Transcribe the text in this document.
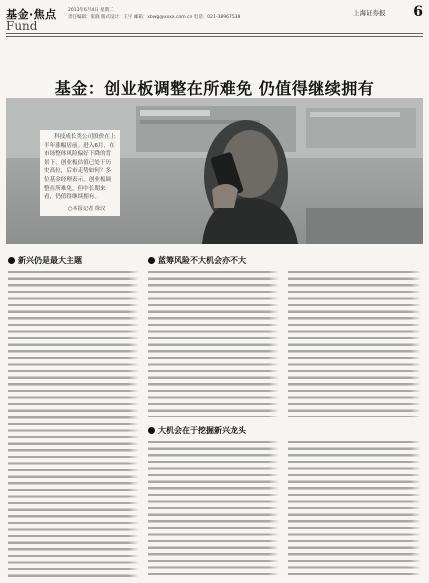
基金·焦点
Fund
2013年6月4日 星期二
责任编辑：张晓 版式设计：王宇 邮箱：xbwg@xxxx.com.cn 电话：021-38967538
上海证券报 6
基金：创业板调整在所难免 仍值得继续拥有

科技成长类公司股价在上半年涨幅居前。进入6月，在市场整体风险偏好下降的背景下，创业板估值已处于历史高位，后市走势如何？多位基金经理表示，创业板调整在所难免，但中长期来看，仍值得继续拥有。

○本报记者 徐汉

新兴仍是最大主题	蓝筹风险不大机会亦不大
大机会在于挖掘新兴龙头
